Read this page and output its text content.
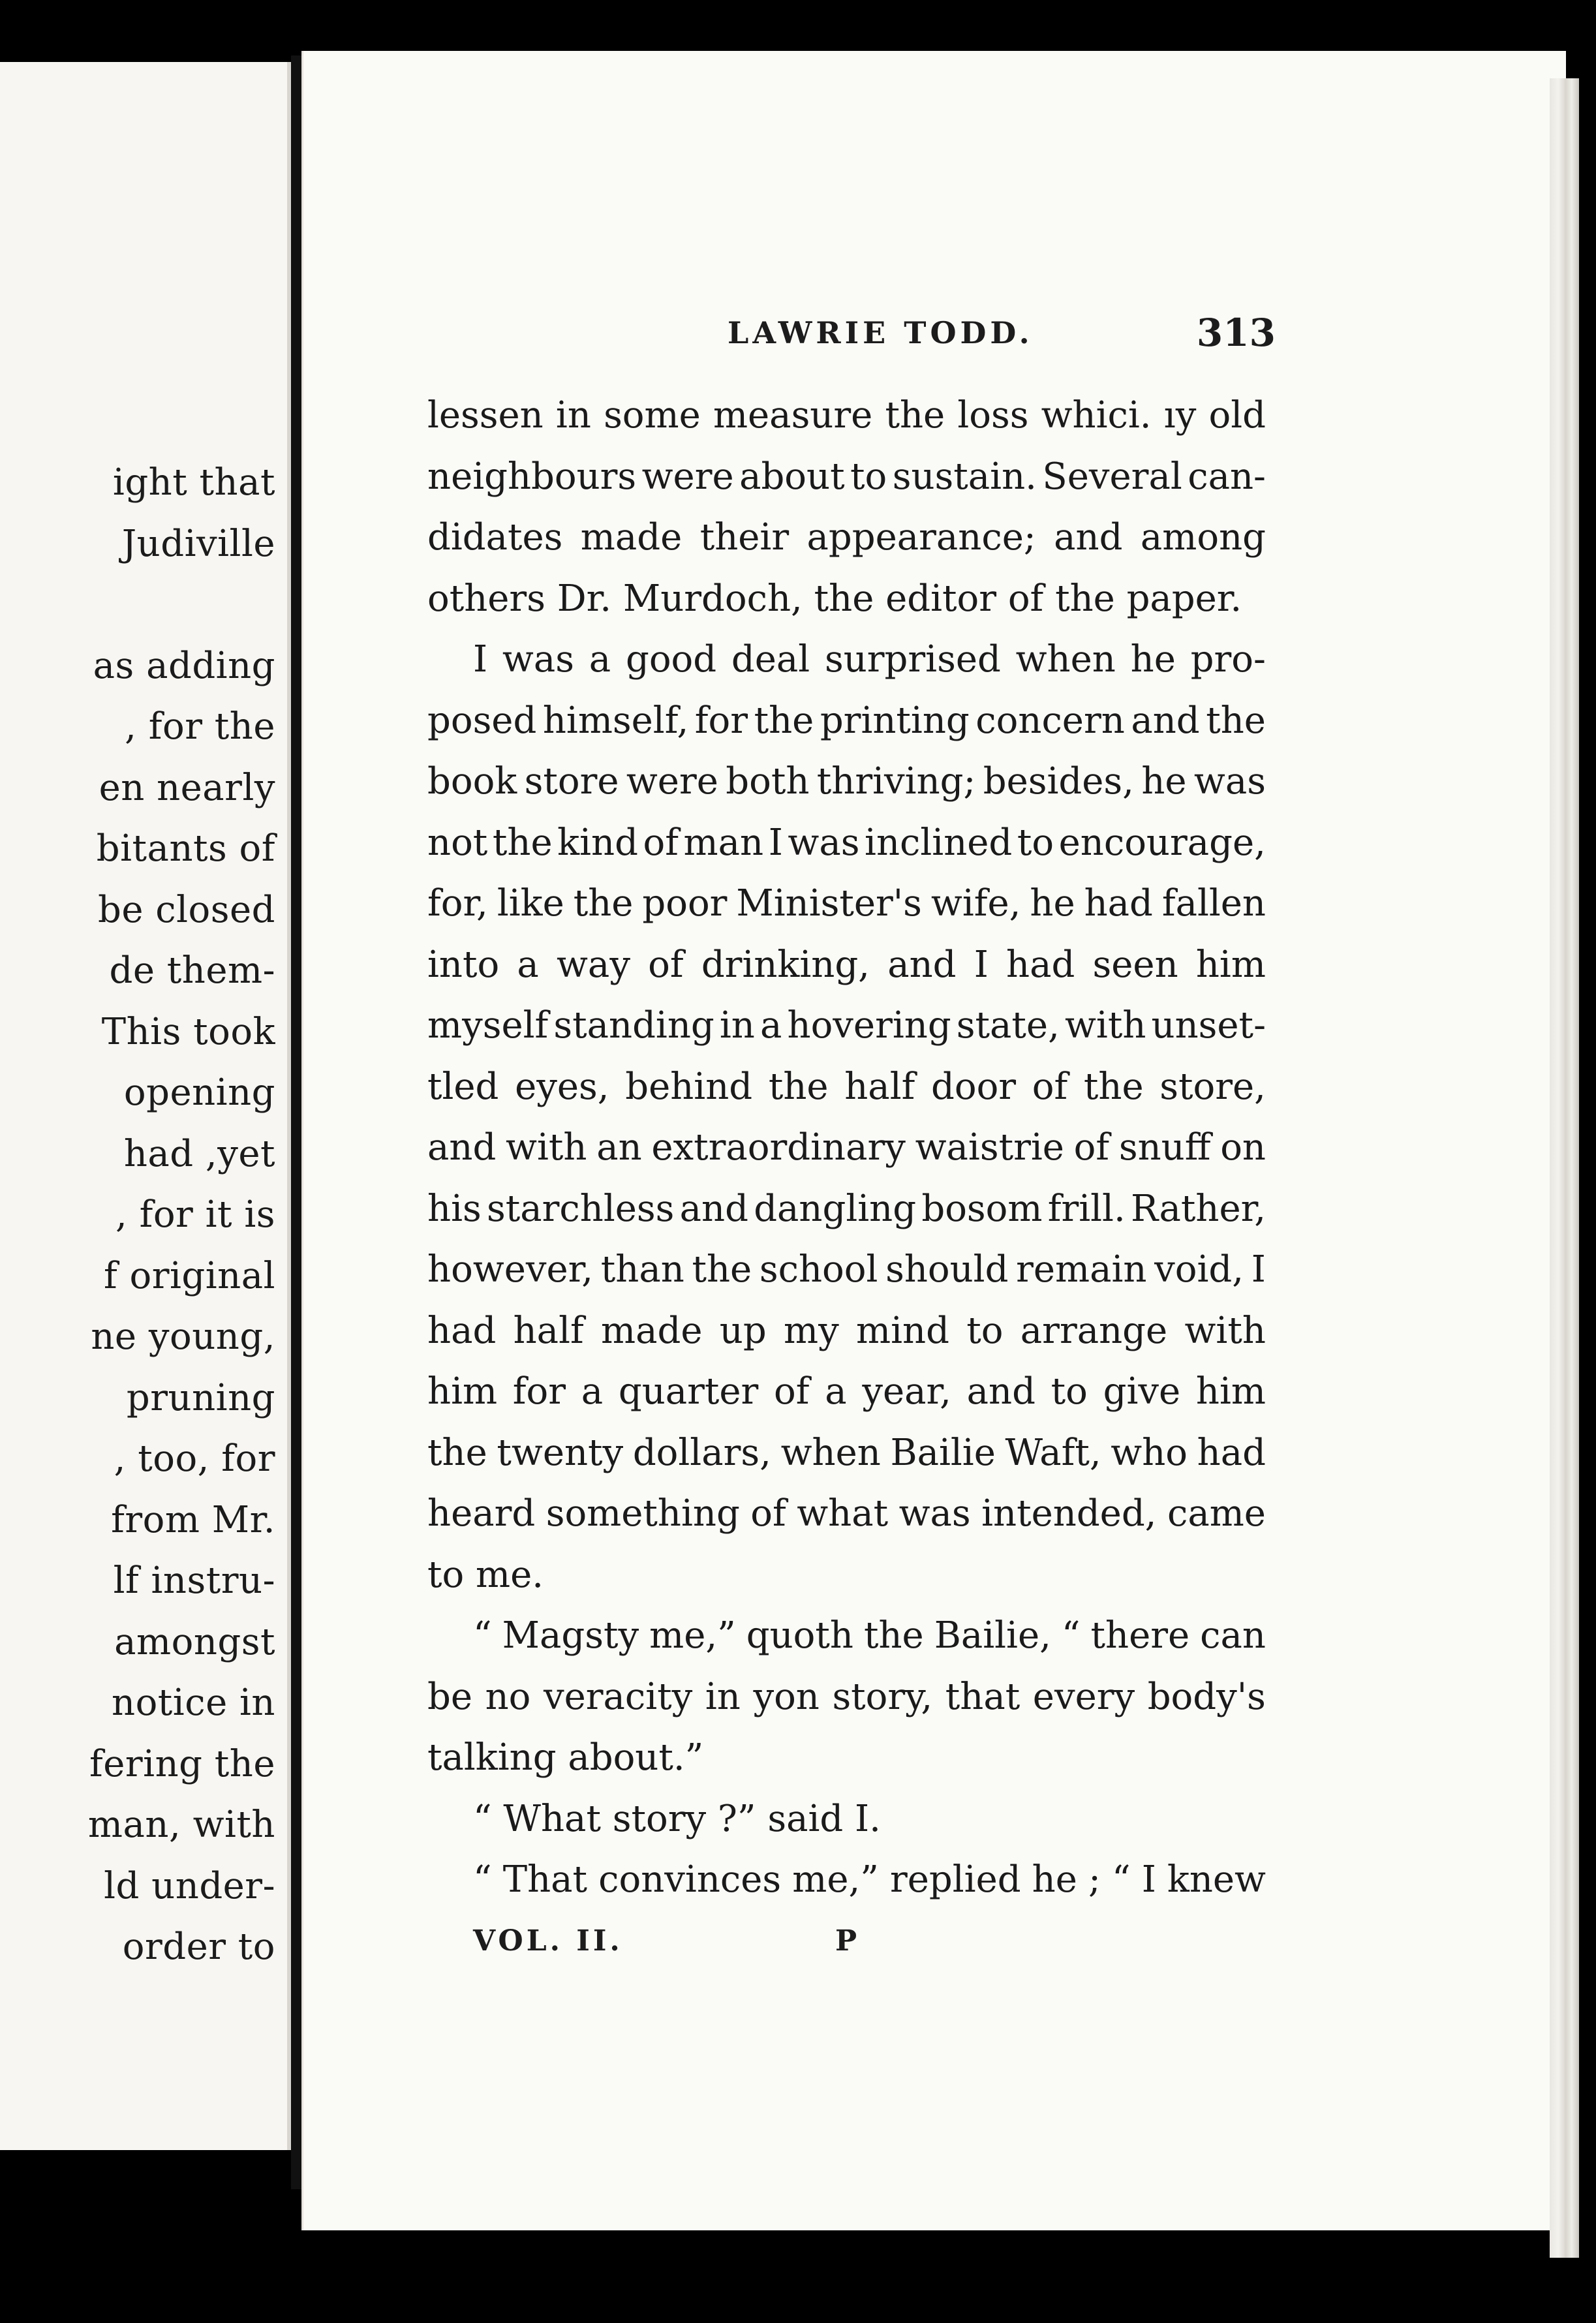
ight that
Judiville
as adding
, for the
en nearly
bitants of
be closed
de them-
This took
opening
had ,yet
, for it is
f original
ne young,
pruning
, too, for
from Mr.
lf instru-
amongst
notice in
fering the
man, with
ld under-
order to
LAWRIE TODD.	313
lessen in some measure the loss whici. ıy old
neighbours were about to sustain. Several can-
didates made their appearance; and among
others Dr. Murdoch, the editor of the paper.
I was a good deal surprised when he pro-
posed himself, for the printing concern and the
book store were both thriving; besides, he was
not the kind of man I was inclined to encourage,
for, like the poor Minister's wife, he had fallen
into a way of drinking, and I had seen him
myself standing in a hovering state, with unset-
tled eyes, behind the half door of the store,
and with an extraordinary waistrie of snuff on
his starchless and dangling bosom frill. Rather,
however, than the school should remain void, I
had half made up my mind to arrange with
him for a quarter of a year, and to give him
the twenty dollars, when Bailie Waft, who had
heard something of what was intended, came
to me.
“ Magsty me,” quoth the Bailie, “ there can
be no veracity in yon story, that every body's
talking about.”
“ What story ?” said I.
“ That convinces me,” replied he ; “ I knew
VOL. II.	P
